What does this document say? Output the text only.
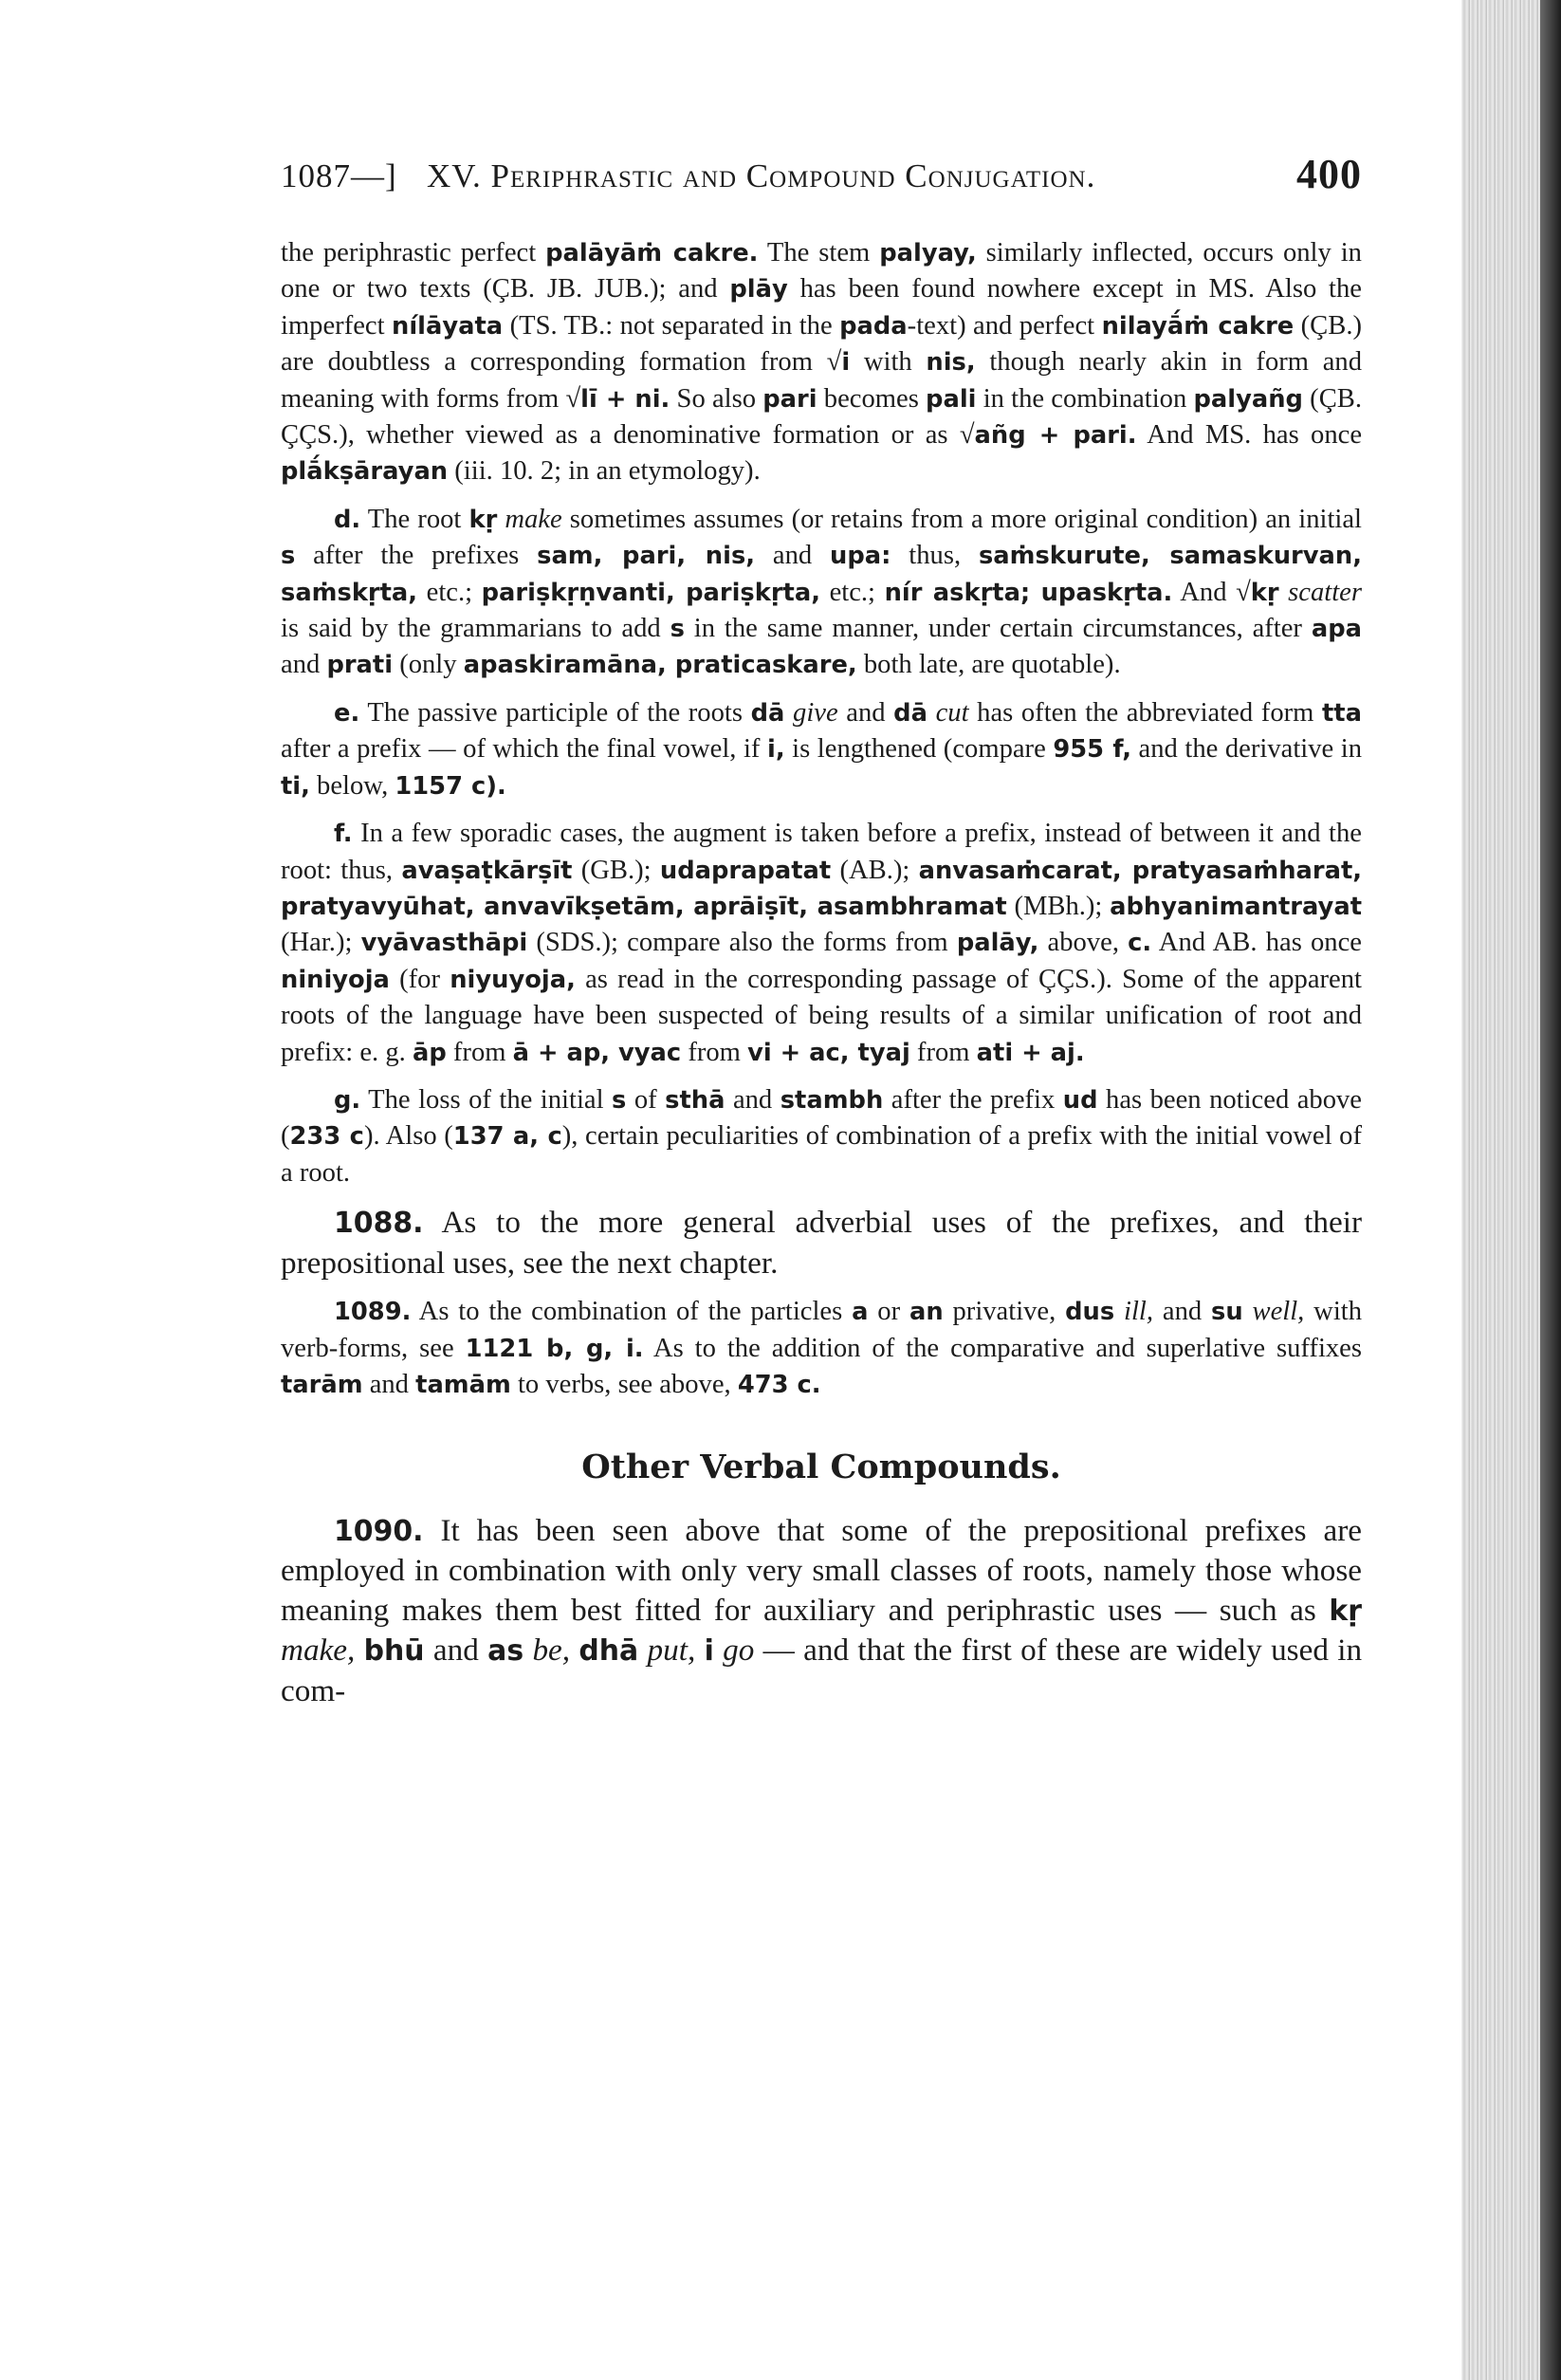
1087—] XV. Periphrastic and Compound Conjugation.	400

the periphrastic perfect palāyāṁ cakre. The stem palyay, similarly inflected, occurs only in one or two texts (ÇB. JB. JUB.); and plāy has been found nowhere except in MS. Also the imperfect nílāyata (TS. TB.: not separated in the pada-text) and perfect nilayā́ṁ cakre (ÇB.) are doubtless a corresponding formation from √i with nis, though nearly akin in form and meaning with forms from √lī + ni. So also pari becomes pali in the combination palyañg (ÇB. ÇÇS.), whether viewed as a denominative formation or as √añg + pari. And MS. has once plā́kṣārayan (iii. 10. 2; in an etymology).

d. The root kṛ make sometimes assumes (or retains from a more original condition) an initial s after the prefixes sam, pari, nis, and upa: thus, saṁskurute, samaskurvan, saṁskṛta, etc.; pariṣkṛṇvanti, pariṣkṛta, etc.; nír askṛta; upaskṛta. And √kṛ scatter is said by the grammarians to add s in the same manner, under certain circumstances, after apa and prati (only apaskiramāna, praticaskare, both late, are quotable).

e. The passive participle of the roots dā give and dā cut has often the abbreviated form tta after a prefix — of which the final vowel, if i, is lengthened (compare 955 f, and the derivative in ti, below, 1157 c).

f. In a few sporadic cases, the augment is taken before a prefix, instead of between it and the root: thus, avaṣaṭkārṣīt (GB.); udaprapatat (AB.); anvasaṁcarat, pratyasaṁharat, pratyavyūhat, anvavīkṣetām, aprāiṣīt, asambhramat (MBh.); abhyanimantrayat (Har.); vyāvasthāpi (SDS.); compare also the forms from palāy, above, c. And AB. has once niniyoja (for niyuyoja, as read in the corresponding passage of ÇÇS.). Some of the apparent roots of the language have been suspected of being results of a similar unification of root and prefix: e. g. āp from ā + ap, vyac from vi + ac, tyaj from ati + aj.

g. The loss of the initial s of sthā and stambh after the prefix ud has been noticed above (233 c). Also (137 a, c), certain peculiarities of combination of a prefix with the initial vowel of a root.

1088. As to the more general adverbial uses of the prefixes, and their prepositional uses, see the next chapter.

1089. As to the combination of the particles a or an privative, dus ill, and su well, with verb-forms, see 1121 b, g, i. As to the addition of the comparative and superlative suffixes tarām and tamām to verbs, see above, 473 c.

Other Verbal Compounds.

1090. It has been seen above that some of the prepositional prefixes are employed in combination with only very small classes of roots, namely those whose meaning makes them best fitted for auxiliary and periphrastic uses — such as kṛ make, bhū and as be, dhā put, i go — and that the first of these are widely used in com-
